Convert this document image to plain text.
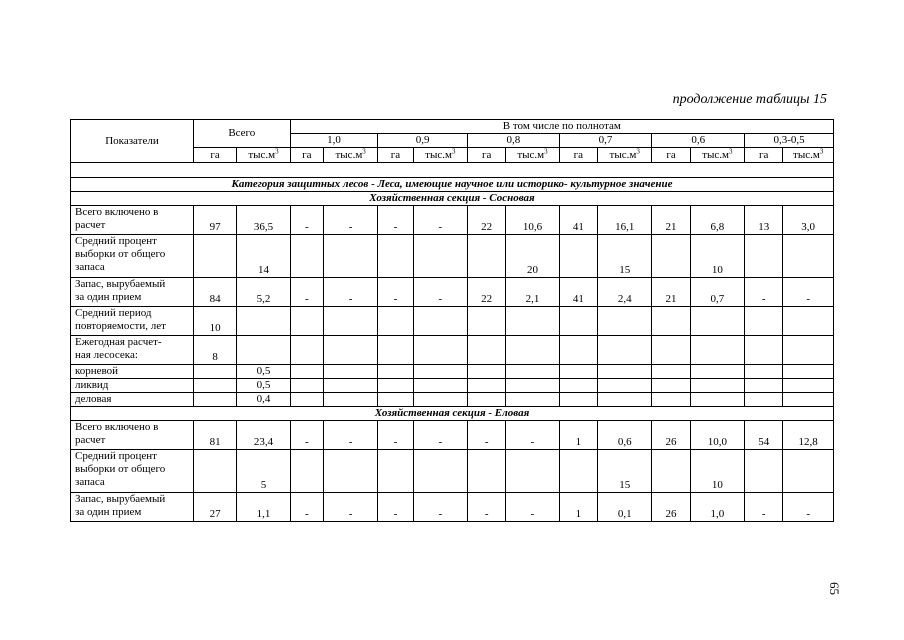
продолжение таблицы 15
Показатели	Всего		В том числе по полнотам											
			1,0		0,9		0,8		0,7		0,6		0,3-0,5	
	га	$тыс.м^3$	га	$тыс.м^3$	га	$тыс.м^3$	га	$тыс.м^3$	га	$тыс.м^3$	га	$тыс.м^3$	га	$тыс.м^3$

Категория защитных лесов - Леса, имеющие научное или историко- культурное значение														
Хозяйственная секция - Сосновая														

Всего включено в
расчет	97	36,5	-	-	-	-	22	10,6	41	16,1	21	6,8	13	3,0

Средний процент
выборки от общего
запаса		14						20		15		10		

Запас, вырубаемый
за один прием	84	5,2	-	-	-	-	22	2,1	41	2,4	21	0,7	-	-

Средний период
повторяемости, лет	10													

Ежегодная расчет-
ная лесосека:	8													

корневой		0,5												

ликвид		0,5												

деловая		0,4												
Хозяйственная секция - Еловая														

Всего включено в
расчет	81	23,4	-	-	-	-	-	-	1	0,6	26	10,0	54	12,8

Средний процент
выборки от общего
запаса		5								15		10		

Запас, вырубаемый
за один прием	27	1,1	-	-	-	-	-	-	1	0,1	26	1,0	-	-
65
